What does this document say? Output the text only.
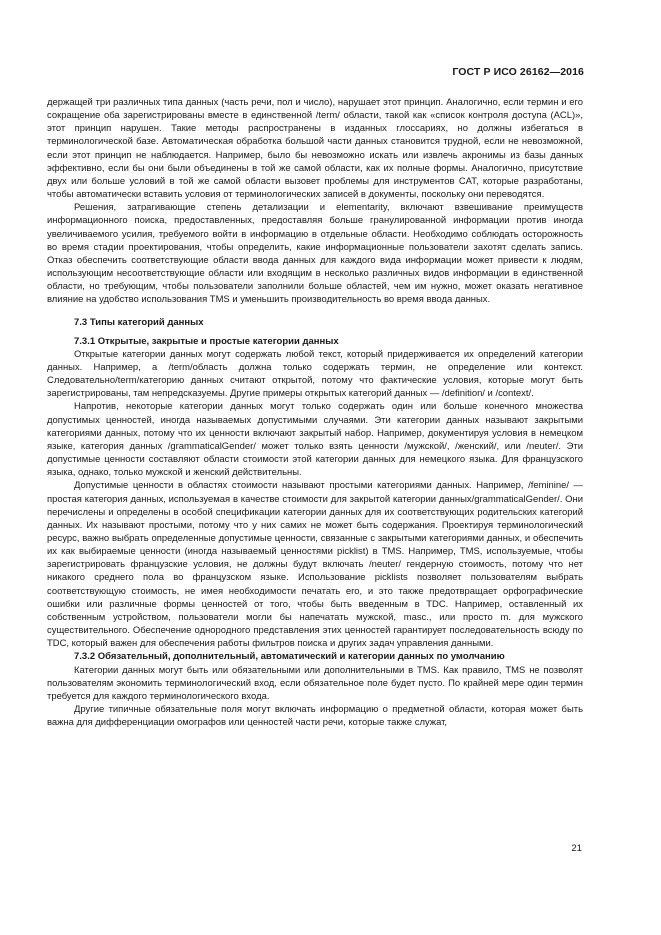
ГОСТ Р ИСО 26162—2016

держащей три различных типа данных (часть речи, пол и число), нарушает этот принцип. Аналогично, если термин и его сокращение оба зарегистрированы вместе в единственной /term/ области, такой как «список контроля доступа (ACL)», этот принцип нарушен. Такие методы распространены в изданных глоссариях, но должны избегаться в терминологической базе. Автоматическая обработка большой части данных становится трудной, если не невозможной, если этот принцип не наблюдается. Например, было бы невозможно искать или извлечь акронимы из базы данных эффективно, если бы они были объединены в той же самой области, как их полные формы. Аналогично, присутствие двух или больше условий в той же самой области вызовет проблемы для инструментов CAT, которые разработаны, чтобы автоматически вставить условия от терминологических записей в документы, поскольку они переводятся.

Решения, затрагивающие степень детализации и elementarity, включают взвешивание преимуществ информационного поиска, предоставленных, предоставляя больше гранулированной информации против иногда увеличиваемого усилия, требуемого войти в информацию в отдельные области. Необходимо соблюдать осторожность во время стадии проектирования, чтобы определить, какие информационные пользователи захотят сделать запись. Отказ обеспечить соответствующие области ввода данных для каждого вида информации может привести к людям, использующим несоответствующие области или входящим в несколько различных видов информации в единственной области, но требующим, чтобы пользователи заполнили больше областей, чем им нужно, может оказать негативное влияние на удобство использования TMS и уменьшить производительность во время ввода данных.

7.3 Типы категорий данных
7.3.1 Открытые, закрытые и простые категории данных

Открытые категории данных могут содержать любой текст, который придерживается их определений категории данных. Например, a /term/область должна только содержать термин, не определение или контекст. Следовательно/term/категорию данных считают открытой, потому что фактические условия, которые могут быть зарегистрированы, там непредсказуемы. Другие примеры открытых категорий данных — /definition/ и /context/.

Напротив, некоторые категории данных могут только содержать один или больше конечного множества допустимых ценностей, иногда называемых допустимыми случаями. Эти категории данных называют закрытыми категориями данных, потому что их ценности включают закрытый набор. Например, документируя условия в немецком языке, категория данных /grammaticalGender/ может только взять ценности /мужской/, /женский/, или /neuter/. Эти допустимые ценности составляют области стоимости этой категории данных для немецкого языка. Для французского языка, однако, только мужской и женский действительны.

Допустимые ценности в областях стоимости называют простыми категориями данных. Например, /feminine/ — простая категория данных, используемая в качестве стоимости для закрытой категории данных/grammaticalGender/. Они перечислены и определены в особой спецификации категории данных для их соответствующих родительских категорий данных. Их называют простыми, потому что у них самих не может быть содержания. Проектируя терминологический ресурс, важно выбрать определенные допустимые ценности, связанные с закрытыми категориями данных, и обеспечить их как выбираемые ценности (иногда называемый ценностями picklist) в TMS. Например, TMS, используемые, чтобы зарегистрировать французские условия, не должны будут включать /neuter/ гендерную стоимость, потому что нет никакого среднего пола во французском языке. Использование picklists позволяет пользователям выбрать соответствующую стоимость, не имея необходимости печатать его, и это также предотвращает орфографические ошибки или различные формы ценностей от того, чтобы быть введенным в TDC. Например, оставленный их собственным устройством, пользователи могли бы напечатать мужской, masc., или просто m. для мужского существительного. Обеспечение однородного представления этих ценностей гарантирует последовательность всюду по TDC, который важен для обеспечения работы фильтров поиска и других задач управления данными.

7.3.2 Обязательный, дополнительный, автоматический и категории данных по умолчанию

Категории данных могут быть или обязательными или дополнительными в TMS. Как правило, TMS не позволят пользователям экономить терминологический вход, если обязательное поле будет пусто. По крайней мере один термин требуется для каждого терминологического входа.

Другие типичные обязательные поля могут включать информацию о предметной области, которая может быть важна для дифференциации омографов или ценностей части речи, которые также служат,

21
